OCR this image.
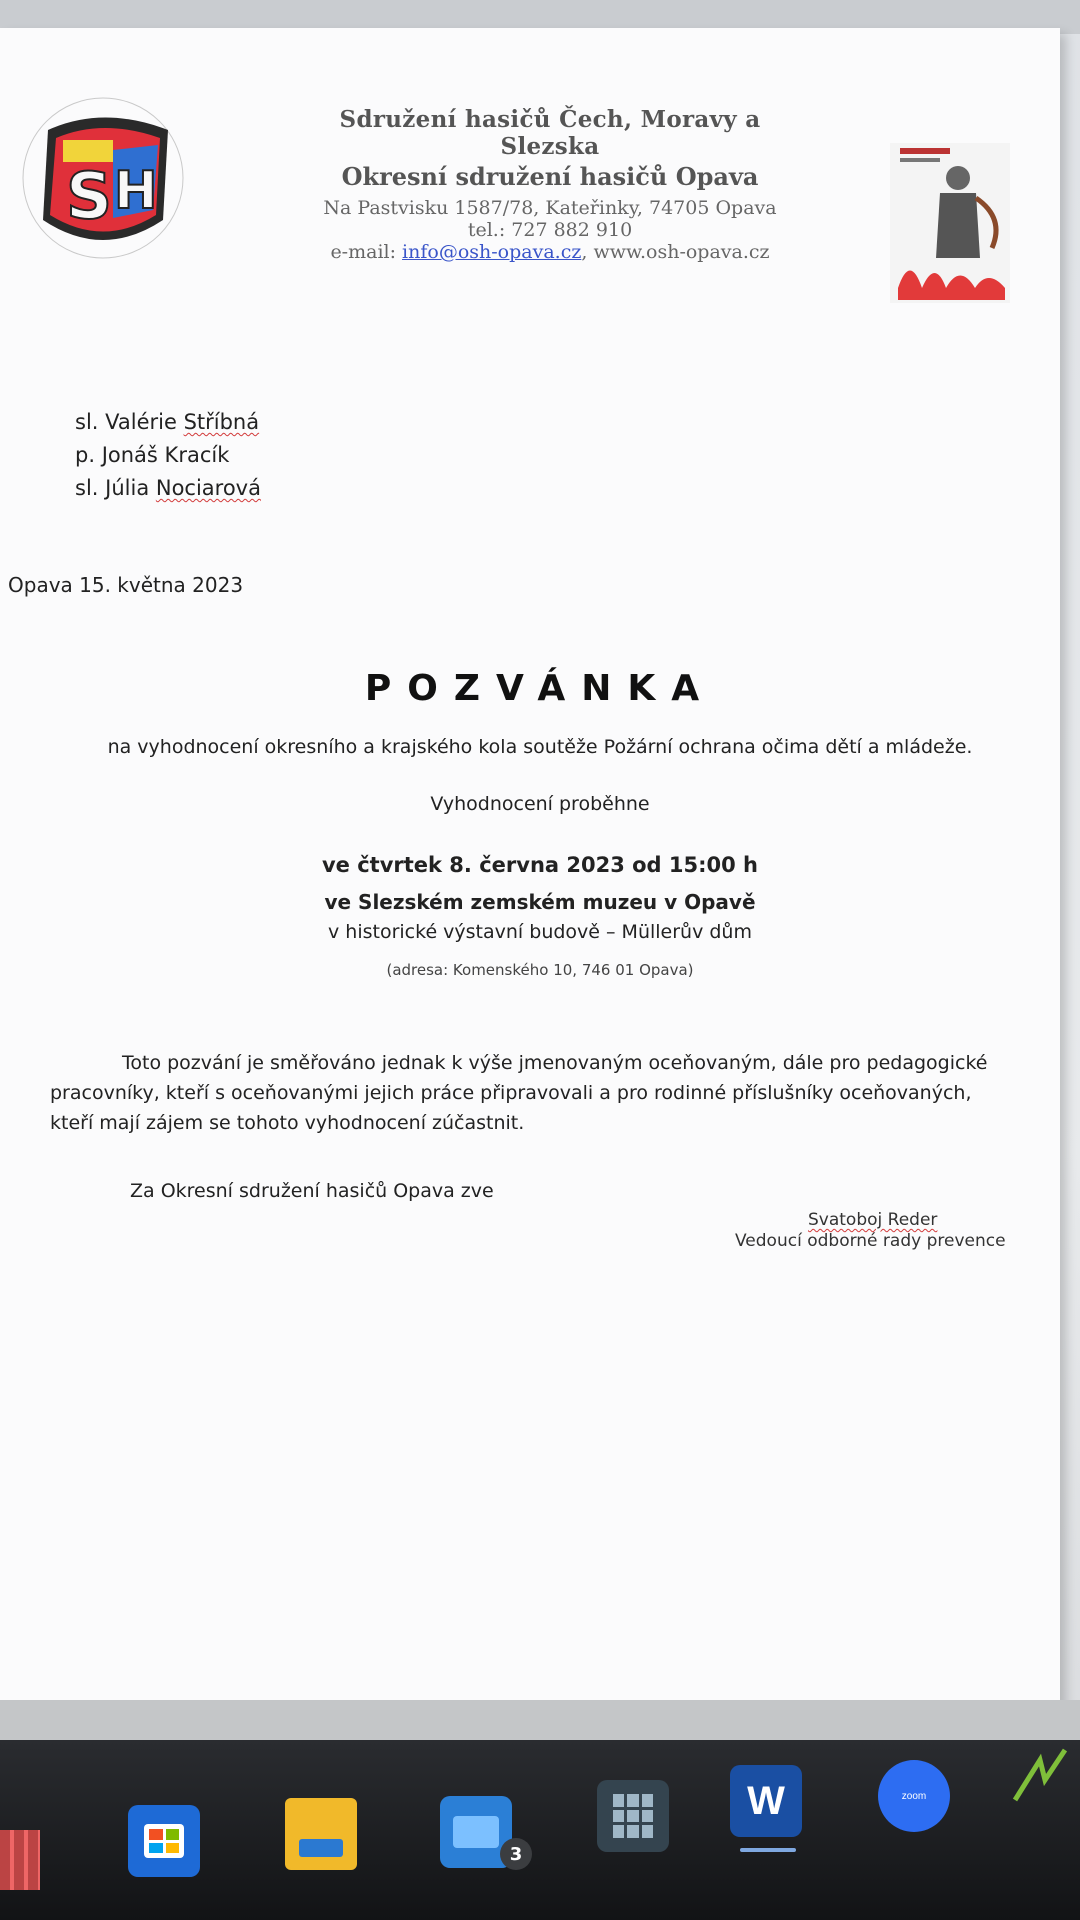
S H
Sdružení hasičů Čech, Moravy a Slezska
Okresní sdružení hasičů Opava
Na Pastvisku 1587/78, Kateřinky, 74705 Opava
tel.: 727 882 910
e-mail: info@osh-opava.cz, www.osh-opava.cz
sl. Valérie Stříbná
p. Jonáš Kracík
sl. Júlia Nociarová
Opava 15. května 2023
POZVÁNKA
na vyhodnocení okresního a krajského kola soutěže Požární ochrana očima dětí a mládeže.
Vyhodnocení proběhne
ve čtvrtek 8. června 2023 od 15:00 h
ve Slezském zemském muzeu v Opavě
v historické výstavní budově – Müllerův dům
(adresa: Komenského 10, 746 01 Opava)
Toto pozvání je směřováno jednak k výše jmenovaným oceňovaným, dále pro pedagogické pracovníky, kteří s oceňovanými jejich práce připravovali a pro rodinné příslušníky oceňovaných, kteří mají zájem se tohoto vyhodnocení zúčastnit.
Za Okresní sdružení hasičů Opava zve
Svatoboj Reder
Vedoucí odborné rady prevence
3
W	zoom
